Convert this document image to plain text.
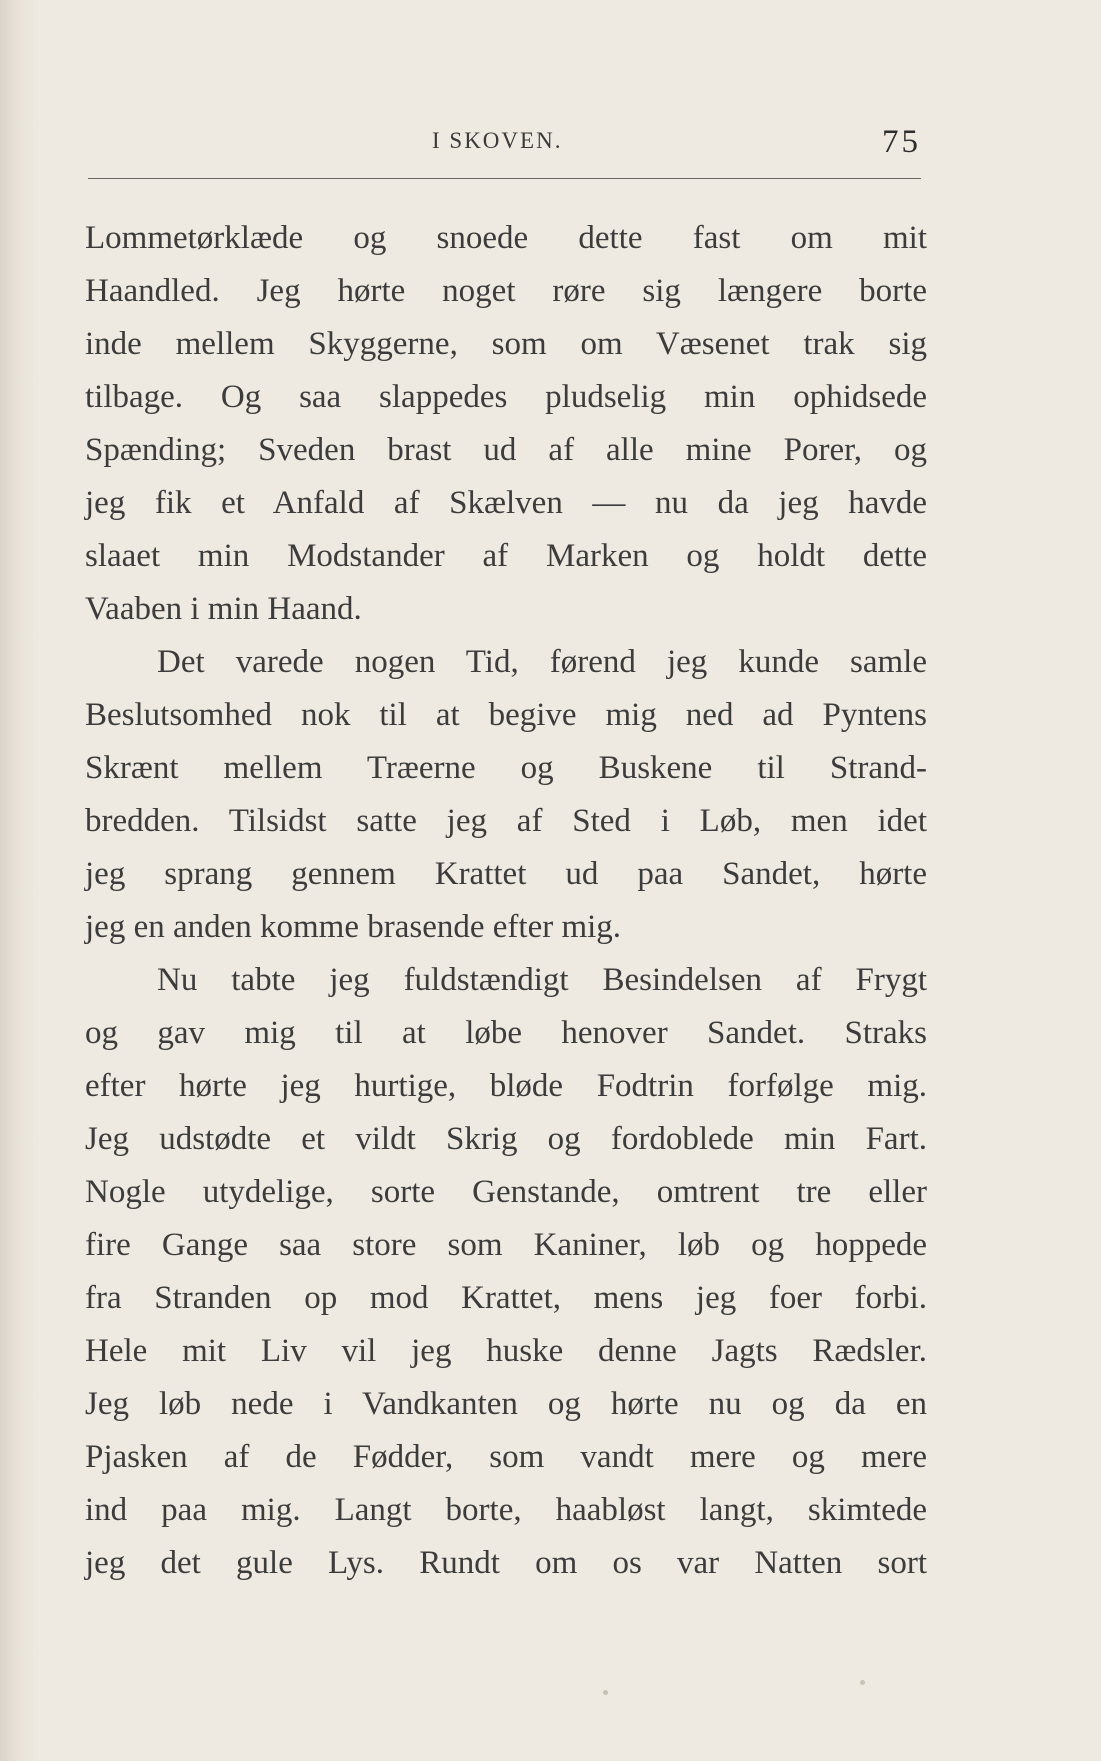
I SKOVEN.	75
Lommetørklæde og snoede dette fast om mit
Haandled. Jeg hørte noget røre sig længere borte
inde mellem Skyggerne, som om Væsenet trak sig
tilbage. Og saa slappedes pludselig min ophidsede
Spænding; Sveden brast ud af alle mine Porer, og
jeg fik et Anfald af Skælven — nu da jeg havde
slaaet min Modstander af Marken og holdt dette
Vaaben i min Haand.
Det varede nogen Tid, førend jeg kunde samle
Beslutsomhed nok til at begive mig ned ad Pyntens
Skrænt mellem Træerne og Buskene til Strand-
bredden. Tilsidst satte jeg af Sted i Løb, men idet
jeg sprang gennem Krattet ud paa Sandet, hørte
jeg en anden komme brasende efter mig.
Nu tabte jeg fuldstændigt Besindelsen af Frygt
og gav mig til at løbe henover Sandet. Straks
efter hørte jeg hurtige, bløde Fodtrin forfølge mig.
Jeg udstødte et vildt Skrig og fordoblede min Fart.
Nogle utydelige, sorte Genstande, omtrent tre eller
fire Gange saa store som Kaniner, løb og hoppede
fra Stranden op mod Krattet, mens jeg foer forbi.
Hele mit Liv vil jeg huske denne Jagts Rædsler.
Jeg løb nede i Vandkanten og hørte nu og da en
Pjasken af de Fødder, som vandt mere og mere
ind paa mig. Langt borte, haabløst langt, skimtede
jeg det gule Lys. Rundt om os var Natten sort
